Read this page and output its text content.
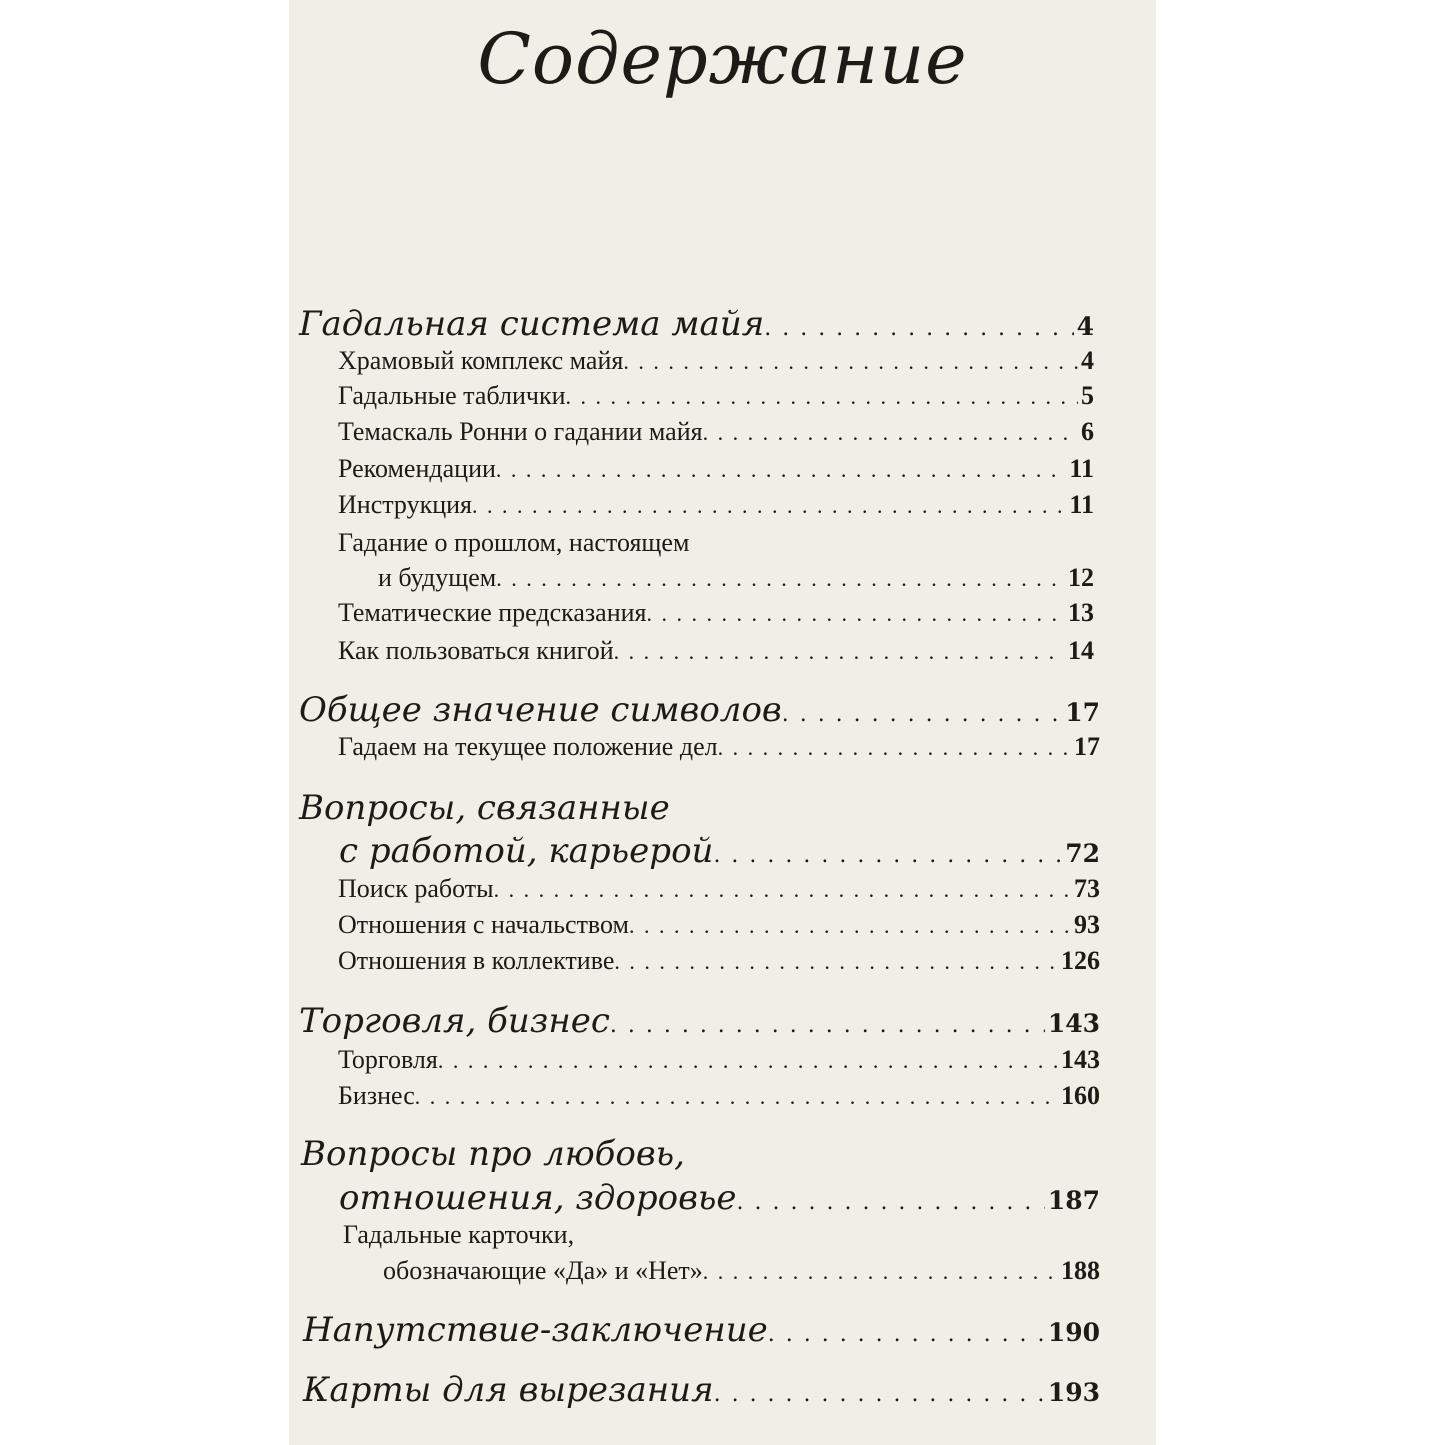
Содержание
Гадальная система майя . . .	4
Храмовый комплекс майя . . .	4
Гадальные таблички . . .	5
Темаскаль Ронни о гадании майя . . .	6
Рекомендации . . .	11
Инструкция . . .	11
Гадание о прошлом, настоящем
и будущем . . .	12
Тематические предсказания . . .	13
Как пользоваться книгой . . .	14
Общее значение символов . . .	17
Гадаем на текущее положение дел . . .	17
Вопросы, связанные
с работой, карьерой . . .	72
Поиск работы . . .	73
Отношения с начальством . . .	93
Отношения в коллективе . . .	126
Торговля, бизнес . . .	143
Торговля . . .	143
Бизнес . . .	160
Вопросы про любовь,
отношения, здоровье . . .	187
Гадальные карточки,
обозначающие «Да» и «Нет» . . .	188
Напутствие-заключение . . .	190
Карты для вырезания . . .	193
